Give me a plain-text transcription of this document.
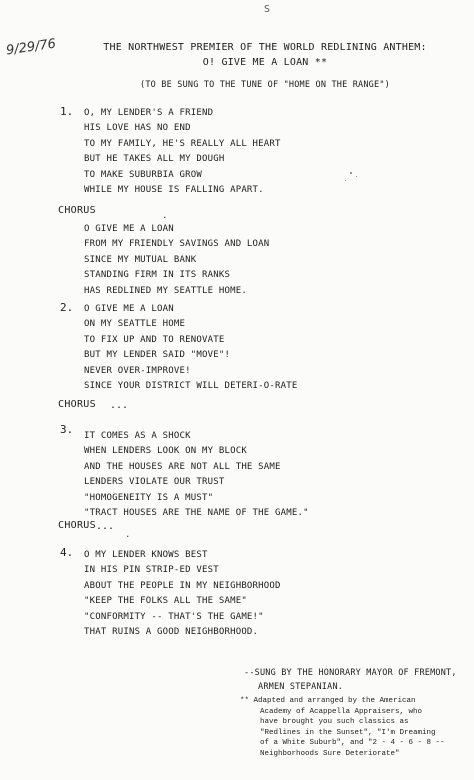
9/29/76
S
THE NORTHWEST PREMIER OF THE WORLD REDLINING ANTHEM:
O! GIVE ME A LOAN **
(TO BE SUNG TO THE TUNE OF "HOME ON THE RANGE")
1. O, MY LENDER'S A FRIEND
HIS LOVE HAS NO END
TO MY FAMILY, HE'S REALLY ALL HEART
BUT HE TAKES ALL MY DOUGH
TO MAKE SUBURBIA GROW
WHILE MY HOUSE IS FALLING APART.
CHORUS	.
O GIVE ME A LOAN
FROM MY FRIENDLY SAVINGS AND LOAN
SINCE MY MUTUAL BANK
STANDING FIRM IN ITS RANKS
HAS REDLINED MY SEATTLE HOME.
2. O GIVE ME A LOAN
ON MY SEATTLE HOME
TO FIX UP AND TO RENOVATE
BUT MY LENDER SAID "MOVE"!
NEVER OVER-IMPROVE!
SINCE YOUR DISTRICT WILL DETERI-O-RATE
CHORUS ...
3. IT COMES AS A SHOCK
WHEN LENDERS LOOK ON MY BLOCK
AND THE HOUSES ARE NOT ALL THE SAME
LENDERS VIOLATE OUR TRUST
"HOMOGENEITY IS A MUST"
"TRACT HOUSES ARE THE NAME OF THE GAME."
CHORUS ...
.
4. O MY LENDER KNOWS BEST
IN HIS PIN STRIP-ED VEST
ABOUT THE PEOPLE IN MY NEIGHBORHOOD
"KEEP THE FOLKS ALL THE SAME"
"CONFORMITY -- THAT'S THE GAME!"
THAT RUINS A GOOD NEIGHBORHOOD.
--SUNG BY THE HONORARY MAYOR OF FREMONT,
ARMEN STEPANIAN.
** Adapted and arranged by the American
Academy of Acappella Appraisers, who
have brought you such classics as
"Redlines in the Sunset", "I'm Dreaming
of a White Suburb", and "2 - 4 - 6 - 8 --
Neighborhoods Sure Deteriorate"
